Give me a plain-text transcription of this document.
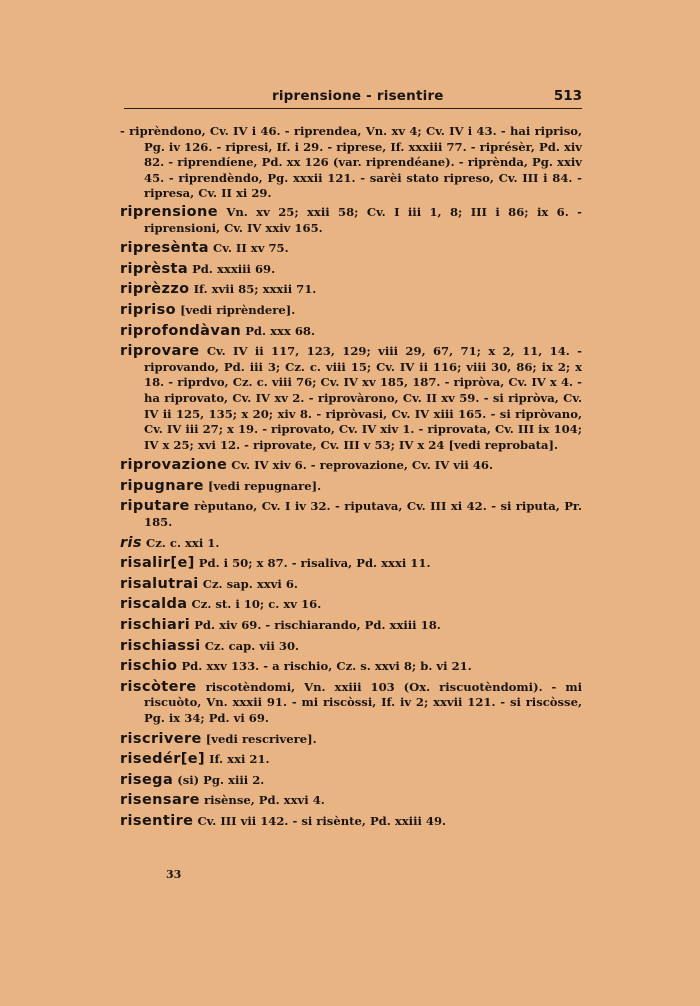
riprensione - risentire	513

- riprèndono, Cv. IV i 46. - riprendea, Vn. xv 4; Cv. IV i 43. - hai ripriso, Pg. iv 126. - ripresi, If. i 29. - riprese, If. xxxiii 77. - riprésèr, Pd. xiv 82. - riprendíene, Pd. xx 126 (var. riprendéane). - riprènda, Pg. xxiv 45. - riprendèndo, Pg. xxxii 121. - sarèi stato ripreso, Cv. III i 84. - ripresa, Cv. II xi 29.

riprensione Vn. xv 25; xxii 58; Cv. I iii 1, 8; III i 86; ix 6. - riprensioni, Cv. IV xxiv 165.

ripresènta Cv. II xv 75.

riprèsta Pd. xxxiii 69.

riprèzzo If. xvii 85; xxxii 71.

ripriso [vedi riprèndere].

riprofondàvan Pd. xxx 68.

riprovare Cv. IV ii 117, 123, 129; viii 29, 67, 71; x 2, 11, 14. - riprovando, Pd. iii 3; Cz. c. viii 15; Cv. IV ii 116; viii 30, 86; ix 2; x 18. - riprdvo, Cz. c. viii 76; Cv. IV xv 185, 187. - ripròva, Cv. IV x 4. - ha riprovato, Cv. IV xv 2. - riprovàrono, Cv. II xv 59. - si ripròva, Cv. IV ii 125, 135; x 20; xiv 8. - ripròvasi, Cv. IV xiii 165. - si ripròvano, Cv. IV iii 27; x 19. - riprovato, Cv. IV xiv 1. - riprovata, Cv. III ix 104; IV x 25; xvi 12. - riprovate, Cv. III v 53; IV x 24 [vedi reprobata].

riprovazione Cv. IV xiv 6. - reprovazione, Cv. IV vii 46.

ripugnare [vedi repugnare].

riputare rèputano, Cv. I iv 32. - riputava, Cv. III xi 42. - si riputa, Pr. 185.

ris Cz. c. xxi 1.

risalir[e] Pd. i 50; x 87. - risaliva, Pd. xxxi 11.

risalutrai Cz. sap. xxvi 6.

riscalda Cz. st. i 10; c. xv 16.

rischiari Pd. xiv 69. - rischiarando, Pd. xxiii 18.

rischiassi Cz. cap. vii 30.

rischio Pd. xxv 133. - a rischio, Cz. s. xxvi 8; b. vi 21.

riscòtere riscotèndomi, Vn. xxiii 103 (Ox. riscuotèndomi). - mi riscuòto, Vn. xxxii 91. - mi riscòssi, If. iv 2; xxvii 121. - si riscòsse, Pg. ix 34; Pd. vi 69.

riscrivere [vedi rescrivere].

risedér[e] If. xxi 21.

risega (si) Pg. xiii 2.

risensare risènse, Pd. xxvi 4.

risentire Cv. III vii 142. - si risènte, Pd. xxiii 49.

33
